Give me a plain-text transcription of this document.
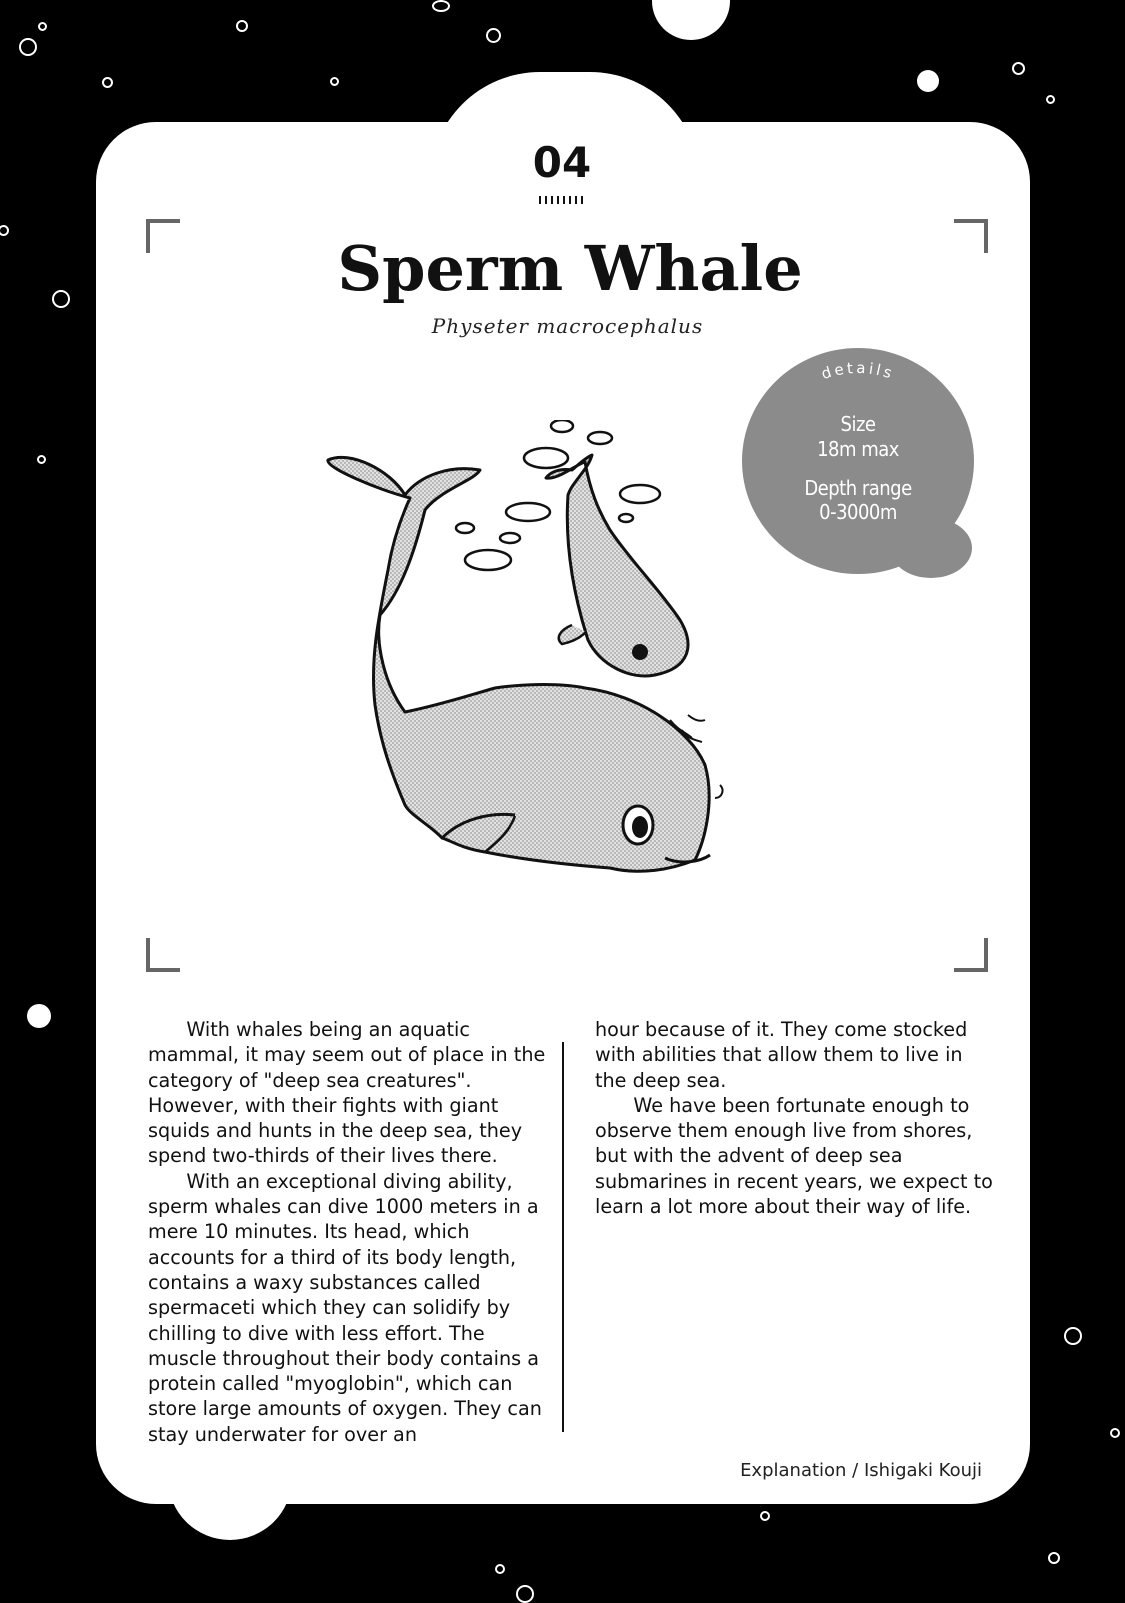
04
Sperm Whale
Physeter macrocephalus
details
Size
18m max
Depth range
0-3000m
  With whales being an aquatic mammal, it may seem out of place in the category of "deep sea creatures". However, with their fights with giant squids and hunts in the deep sea, they spend two-thirds of their lives there.
  With an exceptional diving ability, sperm whales can dive 1000 meters in a mere 10 minutes. Its head, which accounts for a third of its body length, contains a waxy substances called spermaceti which they can solidify by chilling to dive with less effort. The muscle throughout their body contains a protein called "myoglobin", which can store large amounts of oxygen. They can stay underwater for over an
hour because of it. They come stocked with abilities that allow them to live in the deep sea.
  We have been fortunate enough to observe them enough live from shores, but with the advent of deep sea submarines in recent years, we expect to learn a lot more about their way of life.
Explanation / Ishigaki Kouji
